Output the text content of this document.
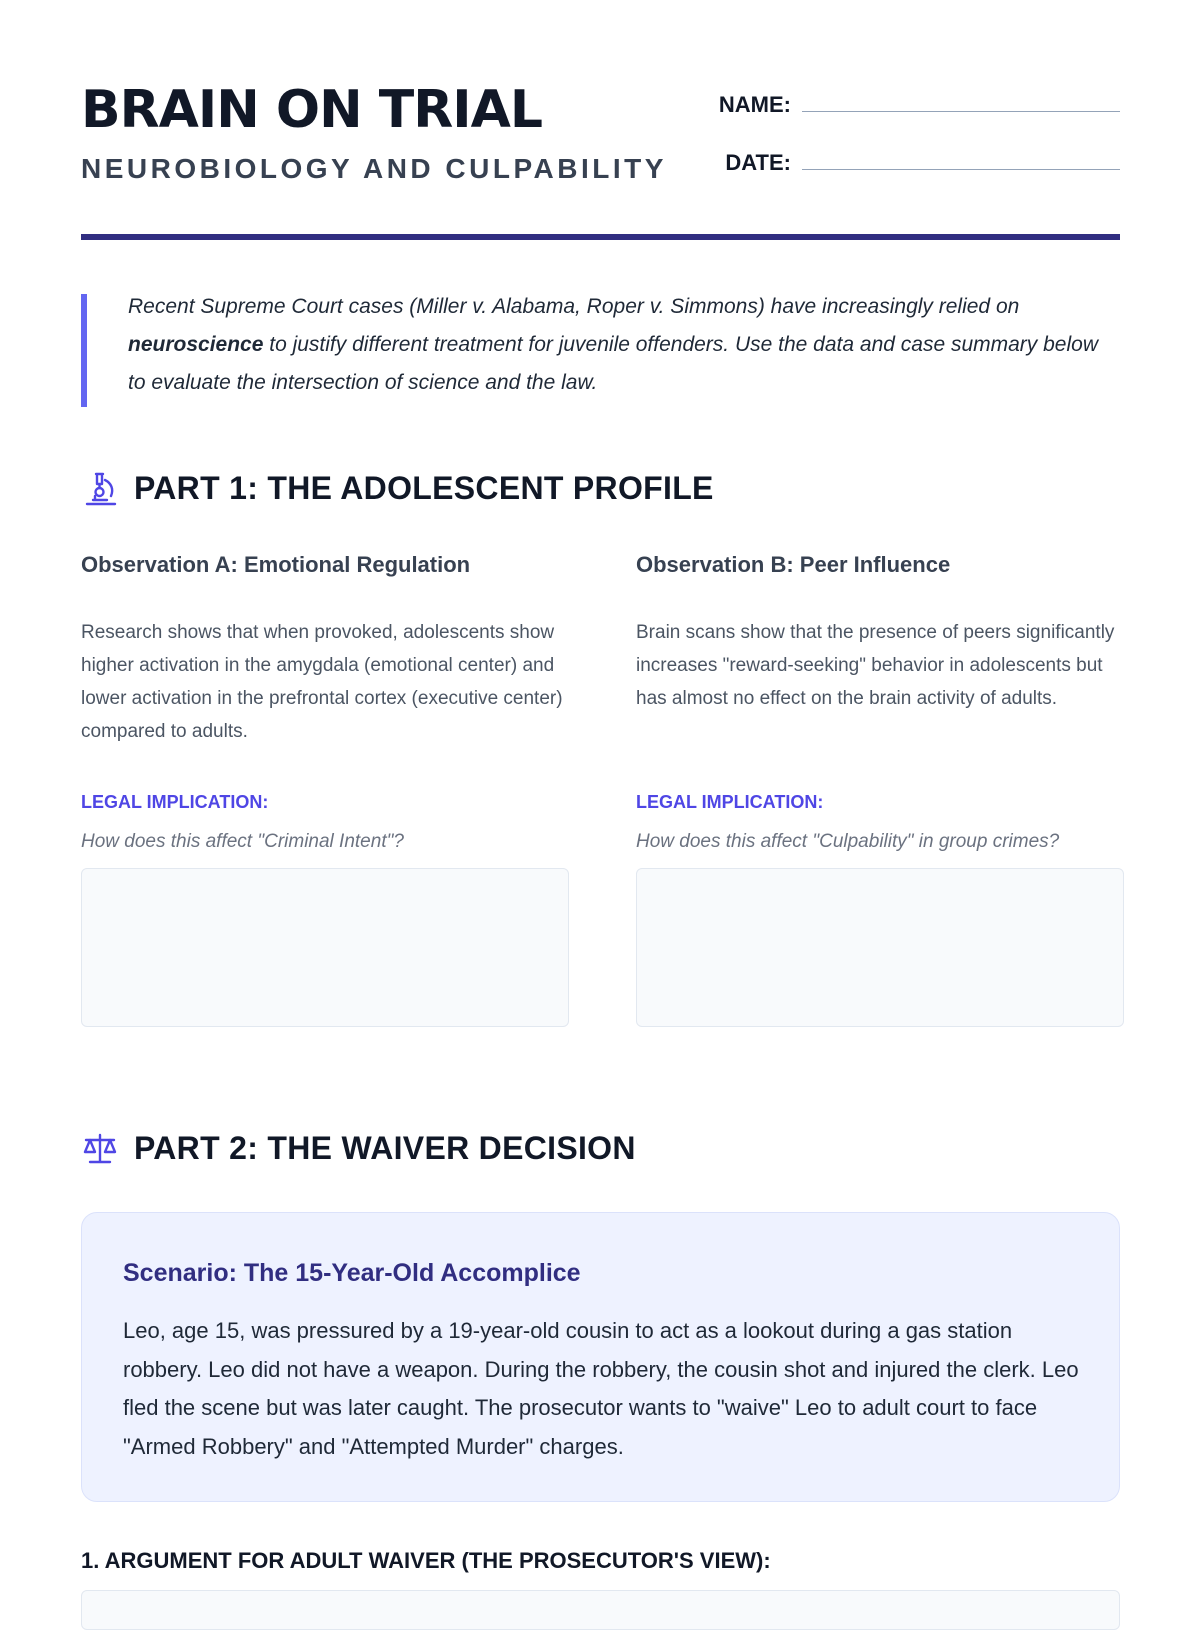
BRAIN ON TRIAL
NEUROBIOLOGY AND CULPABILITY
NAME:
DATE:

Recent Supreme Court cases (Miller v. Alabama, Roper v. Simmons) have increasingly relied on neuroscience to justify different treatment for juvenile offenders. Use the data and case summary below to evaluate the intersection of science and the law.

PART 1: THE ADOLESCENT PROFILE
Observation A: Emotional Regulation

Research shows that when provoked, adolescents show higher activation in the amygdala (emotional center) and lower activation in the prefrontal cortex (executive center) compared to adults.

LEGAL IMPLICATION:
How does this affect "Criminal Intent"?
Observation B: Peer Influence

Brain scans show that the presence of peers significantly increases "reward-seeking" behavior in adolescents but has almost no effect on the brain activity of adults.

LEGAL IMPLICATION:
How does this affect "Culpability" in group crimes?
PART 2: THE WAIVER DECISION
Scenario: The 15-Year-Old Accomplice

Leo, age 15, was pressured by a 19-year-old cousin to act as a lookout during a gas station robbery. Leo did not have a weapon. During the robbery, the cousin shot and injured the clerk. Leo fled the scene but was later caught. The prosecutor wants to "waive" Leo to adult court to face "Armed Robbery" and "Attempted Murder" charges.

1. ARGUMENT FOR ADULT WAIVER (THE PROSECUTOR'S VIEW):
